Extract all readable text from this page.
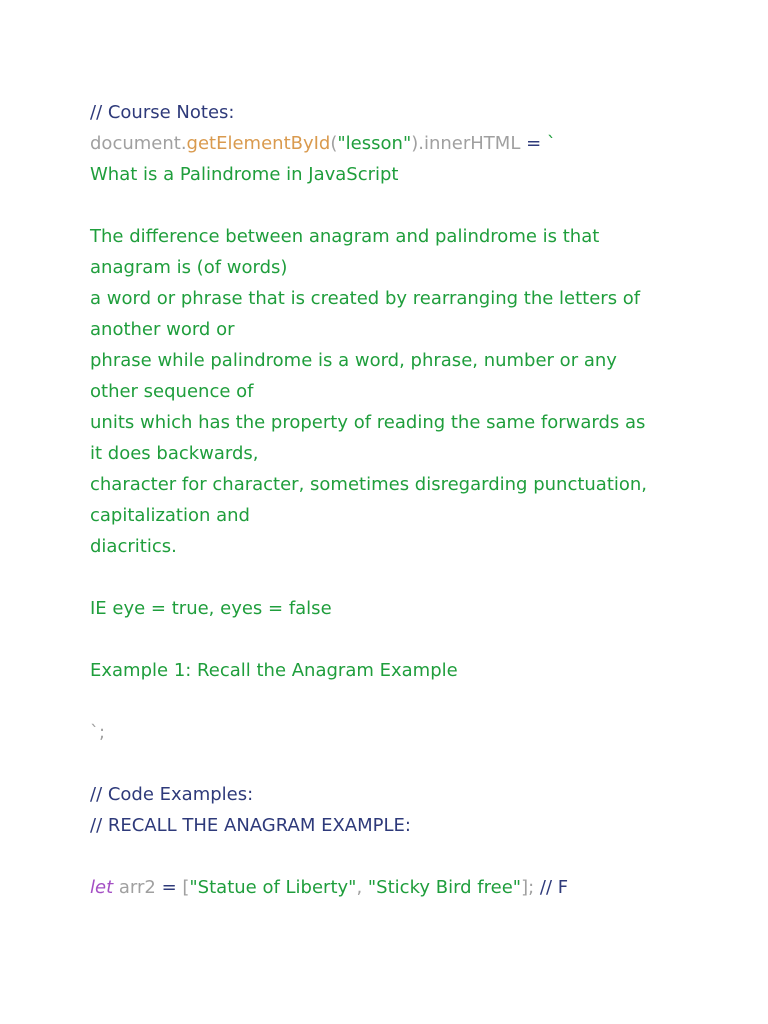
// Course Notes:
document.getElementById("lesson").innerHTML = `
What is a Palindrome in JavaScript
The difference between anagram and palindrome is that
anagram is (of words)
a word or phrase that is created by rearranging the letters of
another word or
phrase while palindrome is a word, phrase, number or any
other sequence of
units which has the property of reading the same forwards as
it does backwards,
character for character, sometimes disregarding punctuation,
capitalization and
diacritics.
IE eye = true, eyes = false
Example 1: Recall the Anagram Example
`;
// Code Examples:
// RECALL THE ANAGRAM EXAMPLE:
let arr2 = ["Statue of Liberty", "Sticky Bird free"]; // F
